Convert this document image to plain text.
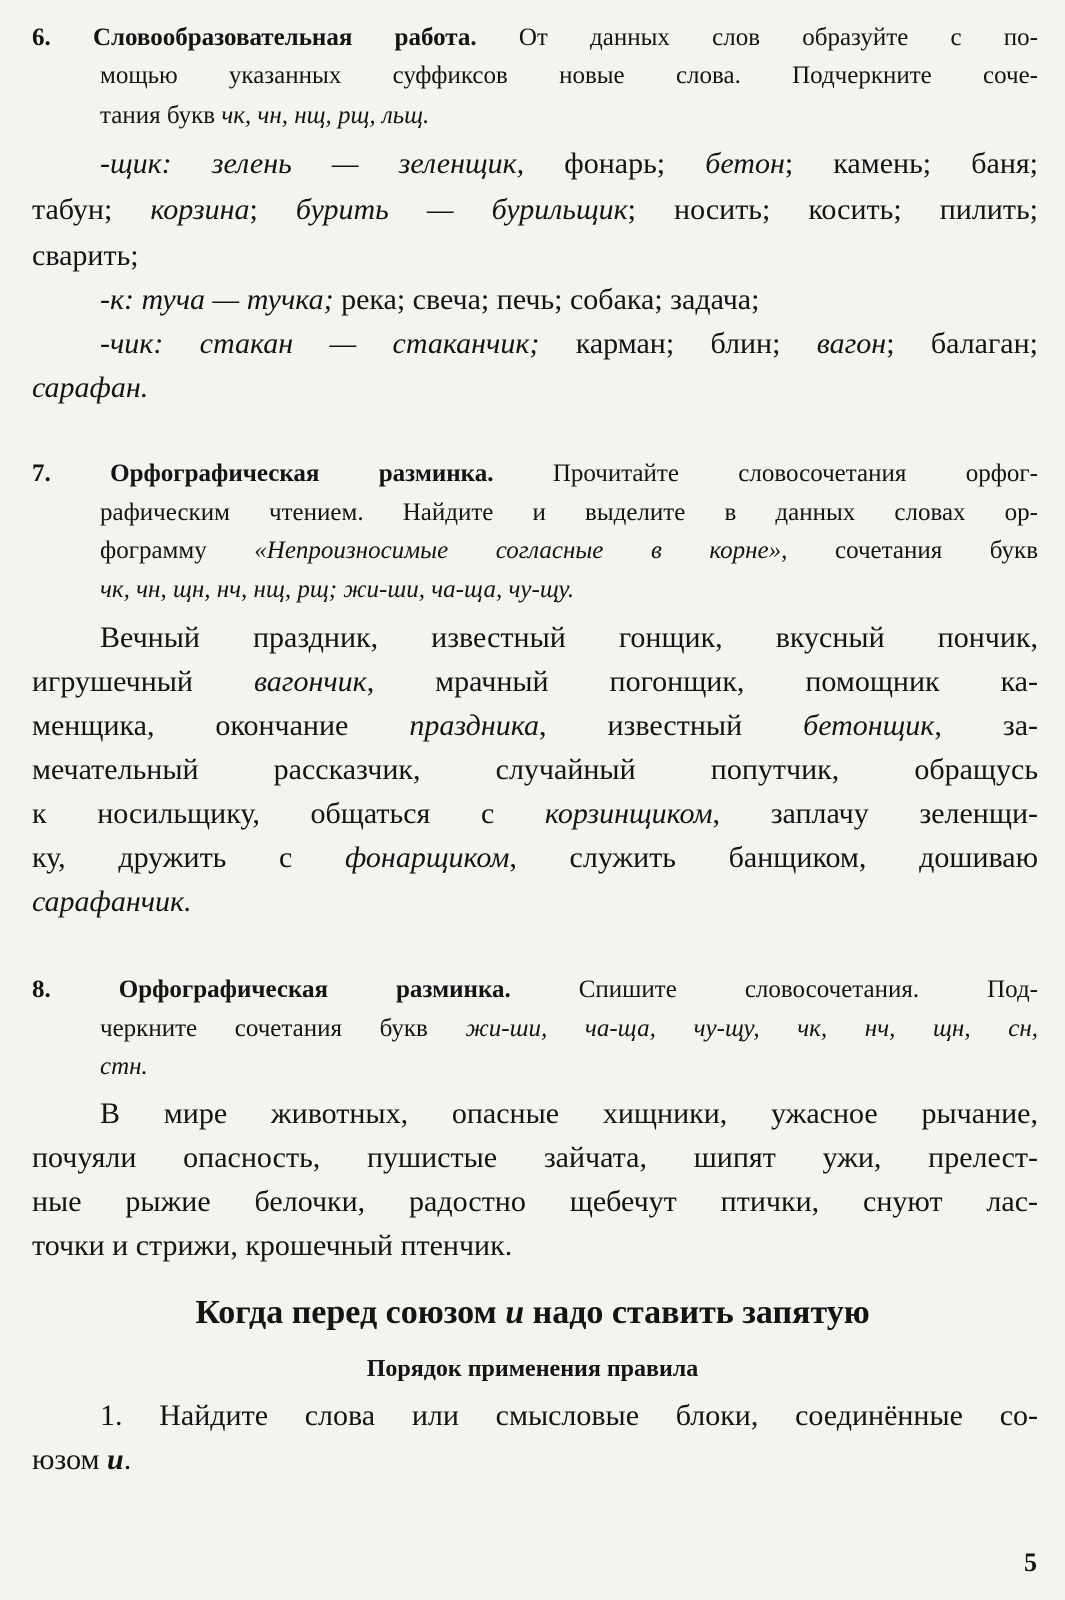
6. Словообразовательная работа. От данных слов образуйте с по-
мощью указанных суффиксов новые слова. Подчеркните соче-
тания букв чк, чн, нщ, рщ, льщ.
-щик: зелень — зеленщик, фонарь; бетон; камень; баня;
табун; корзина; бурить — бурильщик; носить; косить; пилить;
сварить;
-к: туча — тучка; река; свеча; печь; собака; задача;
-чик: стакан — стаканчик; карман; блин; вагон; балаган;
сарафан.
7. Орфографическая разминка. Прочитайте словосочетания орфог-
рафическим чтением. Найдите и выделите в данных словах ор-
фограмму «Непроизносимые согласные в корне», сочетания букв
чк, чн, щн, нч, нщ, рщ; жи-ши, ча-ща, чу-щу.
Вечный праздник, известный гонщик, вкусный пончик,
игрушечный вагончик, мрачный погонщик, помощник ка-
менщика, окончание праздника, известный бетонщик, за-
мечательный рассказчик, случайный попутчик, обращусь
к носильщику, общаться с корзинщиком, заплачу зеленщи-
ку, дружить с фонарщиком, служить банщиком, дошиваю
сарафанчик.
8.	Орфографическая разминка.	Спишите словосочетания. Под-
черкните сочетания букв жи-ши, ча-ща, чу-щу, чк, нч, щн, сн,
стн.
В мире животных, опасные хищники, ужасное рычание,
почуяли опасность, пушистые зайчата, шипят ужи, прелест-
ные рыжие белочки, радостно щебечут птички, снуют лас-
точки и стрижи, крошечный птенчик.
Когда перед союзом и надо ставить запятую
Порядок применения правила
1. Найдите слова или смысловые блоки, соединённые со-
юзом и.
5
